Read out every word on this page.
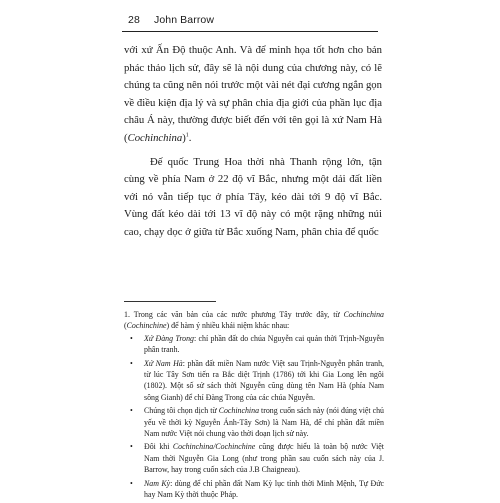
28 John Barrow

với xứ Ấn Độ thuộc Anh. Và để minh họa tốt hơn cho bản phác thảo lịch sử, đây sẽ là nội dung của chương này, có lẽ chúng ta cũng nên nói trước một vài nét đại cương ngắn gọn về điều kiện địa lý và sự phân chia địa giới của phần lục địa châu Á này, thường được biết đến với tên gọi là xứ Nam Hà (Cochinchina)$^1$.

Đế quốc Trung Hoa thời nhà Thanh rộng lớn, tận cùng về phía Nam ở 22 độ vĩ Bắc, nhưng một dải đất liền với nó vẫn tiếp tục ở phía Tây, kéo dài tới 9 độ vĩ Bắc. Vùng đất kéo dài tới 13 vĩ độ này có một rặng những núi cao, chạy dọc ở giữa từ Bắc xuống Nam, phân chia để quốc

1. Trong các văn bản của các nước phương Tây trước đây, từ Cochinchina (Cochinchine) để hàm ý nhiều khái niệm khác nhau:

• Xứ Đàng Trong: chỉ phần đất do chúa Nguyễn cai quản thời Trịnh-Nguyễn phân tranh.
• Xứ Nam Hà: phần đất miền Nam nước Việt sau Trịnh-Nguyễn phân tranh, từ lúc Tây Sơn tiến ra Bắc diệt Trịnh (1786) tới khi Gia Long lên ngôi (1802). Một số sử sách thời Nguyễn cũng dùng tên Nam Hà (phía Nam sông Gianh) để chỉ Đàng Trong của các chúa Nguyễn.
• Chúng tôi chọn dịch từ Cochinchina trong cuốn sách này (nói đúng việt chủ yếu về thời kỳ Nguyễn Ánh-Tây Sơn) là Nam Hà, để chỉ phần đất miền Nam nước Việt nói chung vào thời đoạn lịch sử này.
• Đôi khi Cochinchina/Cochinchine cũng được hiểu là toàn bộ nước Việt Nam thời Nguyễn Gia Long (như trong phần sau cuốn sách này của J. Barrow, hay trong cuốn sách của J.B Chaigneau).
• Nam Kỳ: dùng để chỉ phần đất Nam Kỳ lục tỉnh thời Minh Mệnh, Tự Đức hay Nam Kỳ thời thuộc Pháp.
